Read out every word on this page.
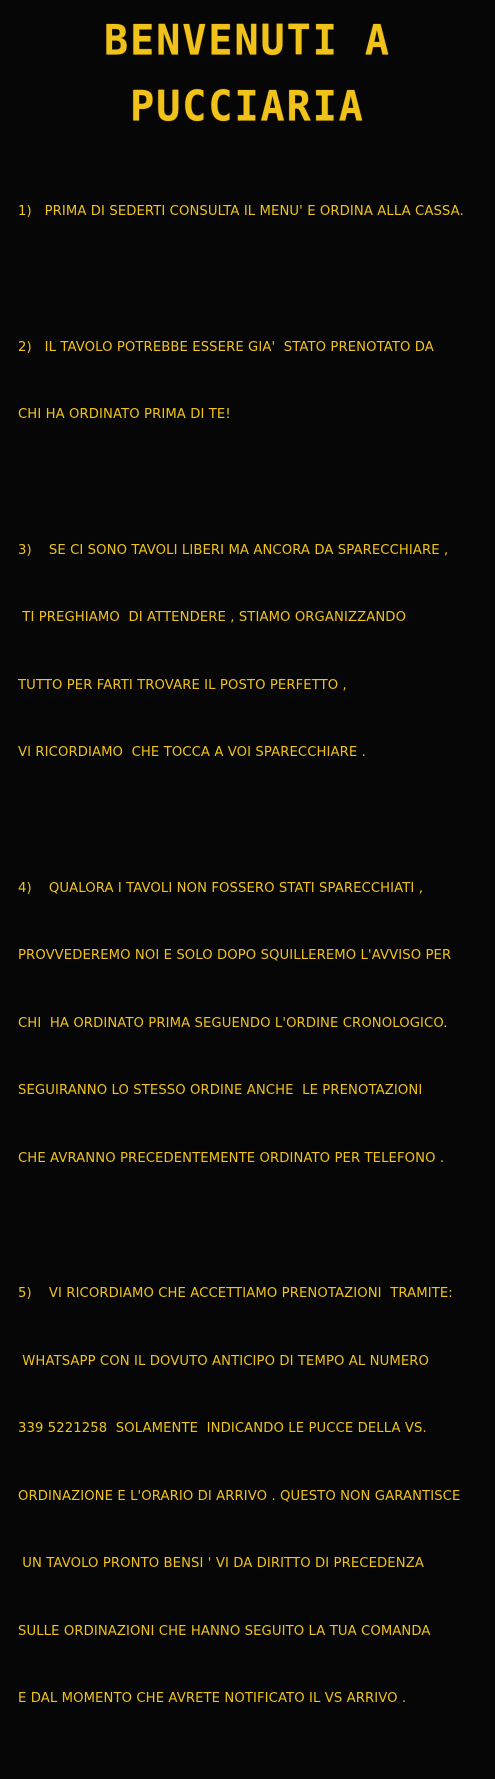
BENVENUTI A
PUCCIARIA

1)   PRIMA DI SEDERTI CONSULTA IL MENU' E ORDINA ALLA CASSA.

2)   IL TAVOLO POTREBBE ESSERE GIA'  STATO PRENOTATO DA

CHI HA ORDINATO PRIMA DI TE!

3)    SE CI SONO TAVOLI LIBERI MA ANCORA DA SPARECCHIARE ,

TI PREGHIAMO  DI ATTENDERE , STIAMO ORGANIZZANDO

TUTTO PER FARTI TROVARE IL POSTO PERFETTO ,

VI RICORDIAMO  CHE TOCCA A VOI SPARECCHIARE .

4)    QUALORA I TAVOLI NON FOSSERO STATI SPARECCHIATI ,

PROVVEDEREMO NOI E SOLO DOPO SQUILLEREMO L'AVVISO PER

CHI  HA ORDINATO PRIMA SEGUENDO L'ORDINE CRONOLOGICO.

SEGUIRANNO LO STESSO ORDINE ANCHE  LE PRENOTAZIONI

CHE AVRANNO PRECEDENTEMENTE ORDINATO PER TELEFONO .

5)    VI RICORDIAMO CHE ACCETTIAMO PRENOTAZIONI  TRAMITE:

WHATSAPP CON IL DOVUTO ANTICIPO DI TEMPO AL NUMERO

339 5221258  SOLAMENTE  INDICANDO LE PUCCE DELLA VS.

ORDINAZIONE E L'ORARIO DI ARRIVO . QUESTO NON GARANTISCE

UN TAVOLO PRONTO BENSI ' VI DA DIRITTO DI PRECEDENZA

SULLE ORDINAZIONI CHE HANNO SEGUITO LA TUA COMANDA

E DAL MOMENTO CHE AVRETE NOTIFICATO IL VS ARRIVO .
